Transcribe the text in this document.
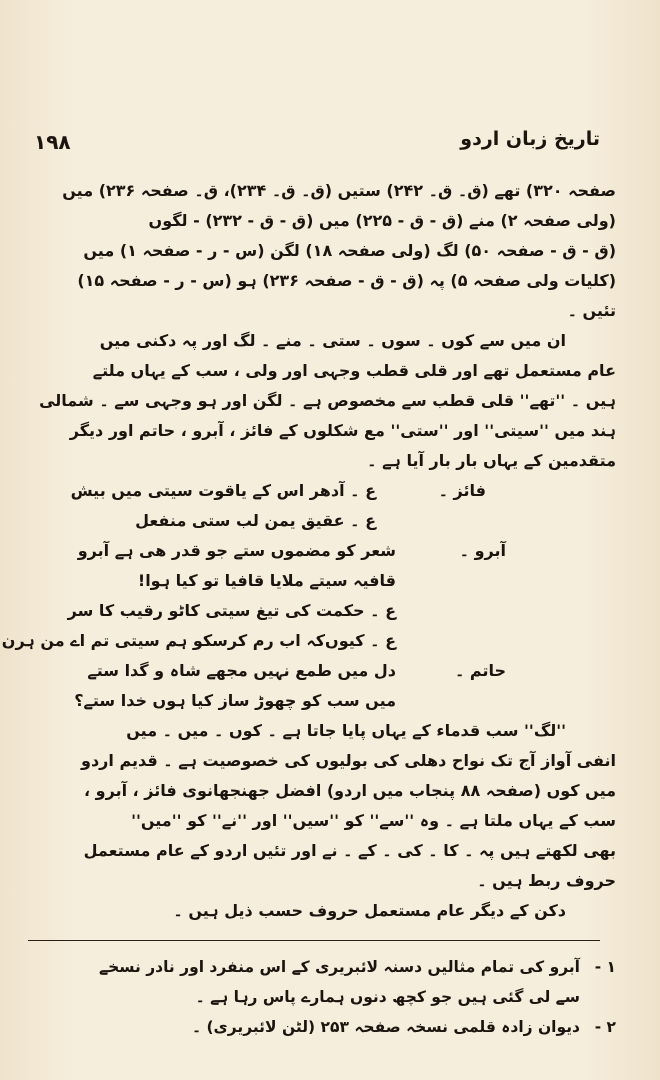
۱۹۸	تاریخ زبان اردو
صفحہ ۳۲۰) تھے (ق۔ ق۔ ۲۴۲) ستیں (ق۔ ق۔ ۲۳۴)، ق۔ صفحہ ۲۳۶) میں
(ولی صفحہ ۲) منے (ق - ق - ۲۲۵) میں (ق - ق - ۲۳۲) - لگوں
(ق - ق - صفحہ ۵۰) لگ (ولی صفحہ ۱۸) لگن (س - ر - صفحہ ۱) میں
(کلیات ولی صفحہ ۵) پہ (ق - ق - صفحہ ۲۳۶) ہو (س - ر - صفحہ ۱۵)
تئیں ۔
ان میں سے کوں ۔ سوں ۔ ستی ۔ منے ۔ لگ اور پہ دکنی میں
عام مستعمل تھے اور قلی قطب وجہی اور ولی ، سب کے یہاں ملتے
ہیں ۔ ''تھے'' قلی قطب سے مخصوص ہے ۔ لگن اور ہو وجہی سے ۔ شمالی
ہند میں ''سیتی'' اور ''ستی'' مع شکلوں کے فائز ، آبرو ، حاتم اور دیگر
متقدمین کے یہاں بار بار آیا ہے ۔
فائز ۔ع ۔ آدھر اس کے یاقوت سیتی میں بیش
ع ۔ عقیق یمن لب ستی منفعل
آبرو ۔شعر کو مضموں ستے جو قدر ھی ہے آبرو
قافیہ سیتے ملایا قافیا تو کیا ہوا!
ع ۔ حکمت کی تیغ سیتی کاٹو رقیب کا سر
ع ۔ کیوں‌کہ اب رم کرسکو ہم سیتی تم اے من ہرن
حاتم ۔دل میں طمع نہیں مجھے شاہ و گدا ستے
میں سب کو چھوڑ ساز کیا ہوں خدا ستے؟
''لگ'' سب قدماء کے یہاں پایا جاتا ہے ۔ کوں ۔ میں ۔ میں
انفی آواز آج تک نواح دھلی کی بولیوں کی خصوصیت ہے ۔ قدیم اردو
میں کوں (صفحہ ۸۸ پنجاب میں اردو) افضل جھنجھانوی فائز ، آبرو ،
سب کے یہاں ملتا ہے ۔ وہ ''سے'' کو ''سیں'' اور ''نے'' کو ''میں''
بھی لکھتے ہیں پہ ۔ کا ۔ کی ۔ کے ۔ نے اور تئیں اردو کے عام مستعمل
حروف ربط ہیں ۔
دکن کے دیگر عام مستعمل حروف حسب ذیل ہیں ۔
۱ -آبرو کی تمام مثالیں دسنہ لائبریری کے اس منفرد اور نادر نسخے
سے لی گئی ہیں جو کچھ دنوں ہمارے پاس رہا ہے ۔
۲ -دیوان زادہ قلمی نسخہ صفحہ ۲۵۳ (لٹن لائبریری) ۔
